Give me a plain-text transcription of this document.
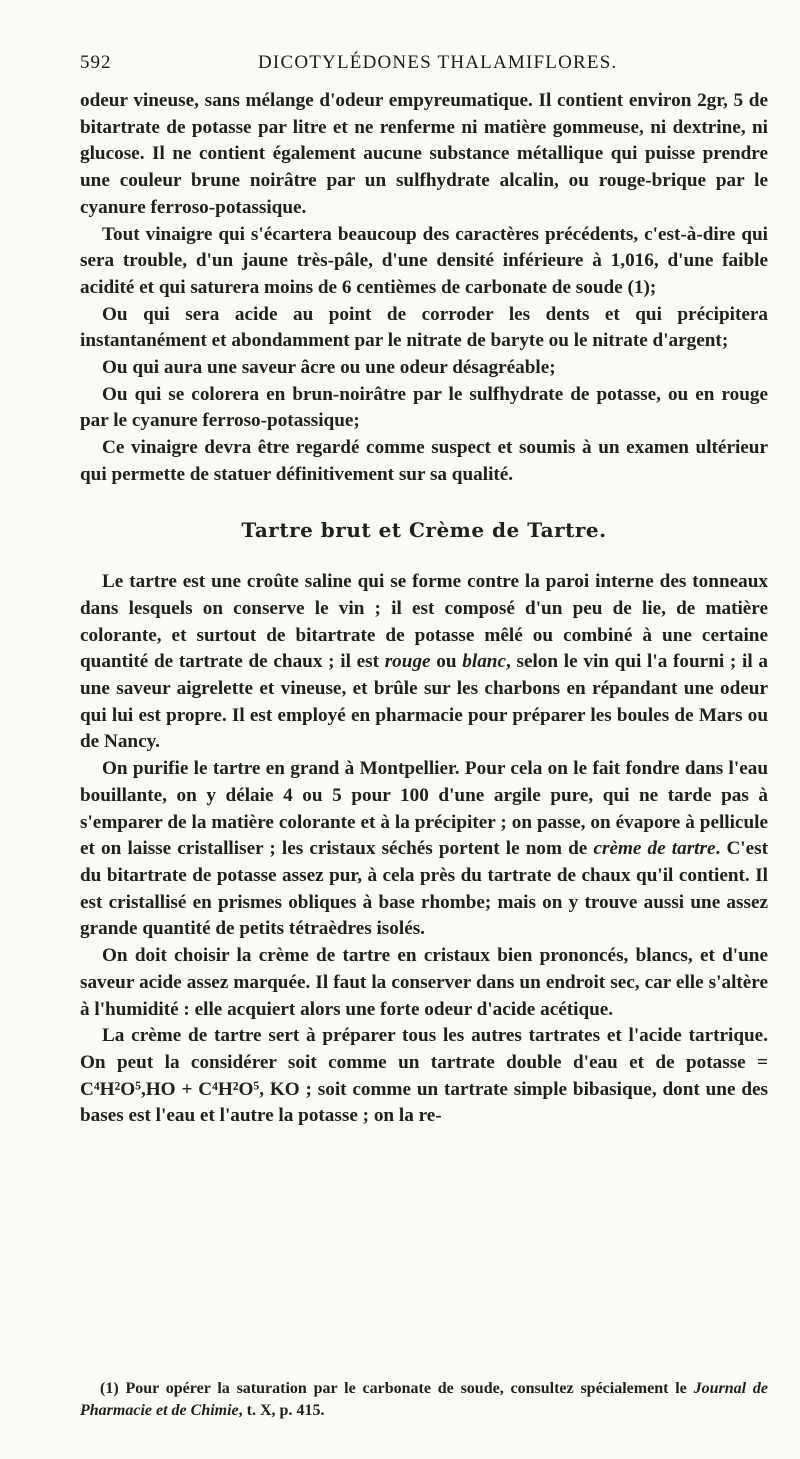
592	DICOTYLÉDONES THALAMIFLORES.

odeur vineuse, sans mélange d'odeur empyreumatique. Il contient environ 2gr, 5 de bitartrate de potasse par litre et ne renferme ni matière gommeuse, ni dextrine, ni glucose. Il ne contient également aucune substance métallique qui puisse prendre une couleur brune noirâtre par un sulfhydrate alcalin, ou rouge-brique par le cyanure ferroso-potassique.

Tout vinaigre qui s'écartera beaucoup des caractères précédents, c'est-à-dire qui sera trouble, d'un jaune très-pâle, d'une densité inférieure à 1,016, d'une faible acidité et qui saturera moins de 6 centièmes de carbonate de soude (1);

Ou qui sera acide au point de corroder les dents et qui précipitera instantanément et abondamment par le nitrate de baryte ou le nitrate d'argent;

Ou qui aura une saveur âcre ou une odeur désagréable;

Ou qui se colorera en brun-noirâtre par le sulfhydrate de potasse, ou en rouge par le cyanure ferroso-potassique;

Ce vinaigre devra être regardé comme suspect et soumis à un examen ultérieur qui permette de statuer définitivement sur sa qualité.

Tartre brut et Crème de Tartre.

Le tartre est une croûte saline qui se forme contre la paroi interne des tonneaux dans lesquels on conserve le vin ; il est composé d'un peu de lie, de matière colorante, et surtout de bitartrate de potasse mêlé ou combiné à une certaine quantité de tartrate de chaux ; il est rouge ou blanc, selon le vin qui l'a fourni ; il a une saveur aigrelette et vineuse, et brûle sur les charbons en répandant une odeur qui lui est propre. Il est employé en pharmacie pour préparer les boules de Mars ou de Nancy.

On purifie le tartre en grand à Montpellier. Pour cela on le fait fondre dans l'eau bouillante, on y délaie 4 ou 5 pour 100 d'une argile pure, qui ne tarde pas à s'emparer de la matière colorante et à la précipiter ; on passe, on évapore à pellicule et on laisse cristalliser ; les cristaux séchés portent le nom de crème de tartre. C'est du bitartrate de potasse assez pur, à cela près du tartrate de chaux qu'il contient. Il est cristallisé en prismes obliques à base rhombe; mais on y trouve aussi une assez grande quantité de petits tétraèdres isolés.

On doit choisir la crème de tartre en cristaux bien prononcés, blancs, et d'une saveur acide assez marquée. Il faut la conserver dans un endroit sec, car elle s'altère à l'humidité : elle acquiert alors une forte odeur d'acide acétique.

La crème de tartre sert à préparer tous les autres tartrates et l'acide tartrique. On peut la considérer soit comme un tartrate double d'eau et de potasse = C⁴H²O⁵,HO + C⁴H²O⁵, KO ; soit comme un tartrate simple bibasique, dont une des bases est l'eau et l'autre la potasse ; on la re-

(1) Pour opérer la saturation par le carbonate de soude, consultez spécialement le Journal de Pharmacie et de Chimie, t. X, p. 415.
